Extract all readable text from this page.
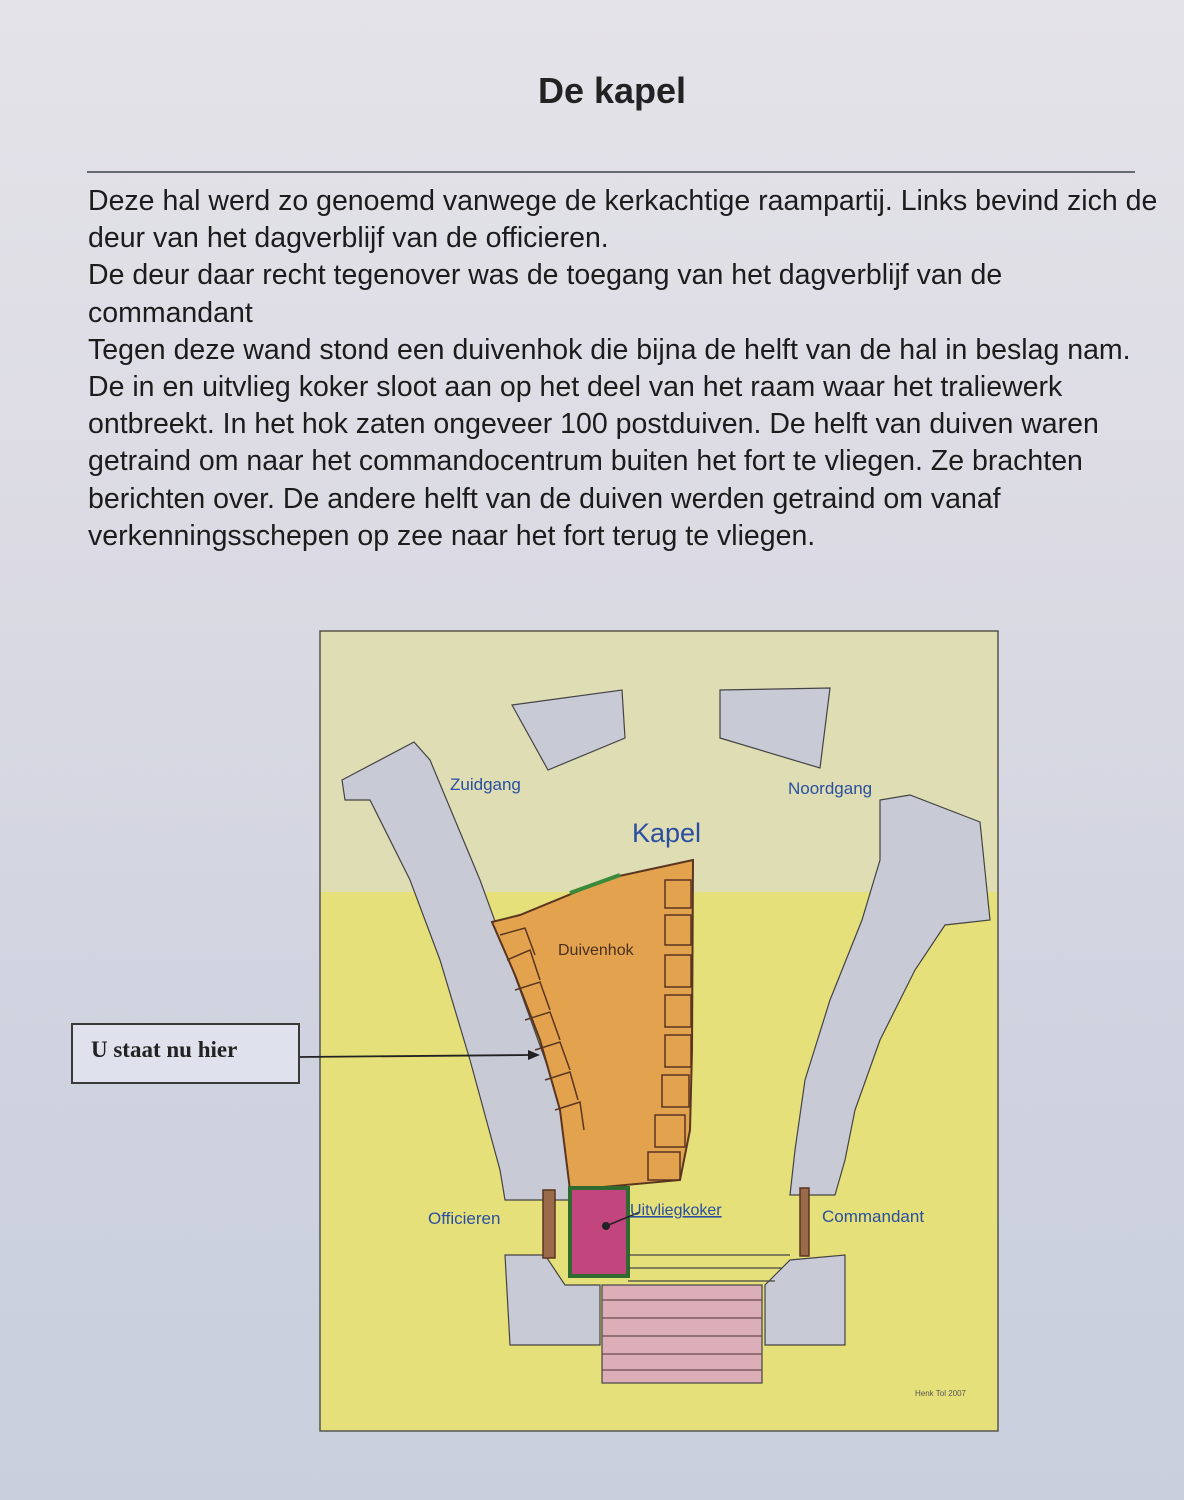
De kapel

Deze hal werd zo genoemd vanwege de kerkachtige raampartij. Links bevind zich de deur van het dagverblijf van de officieren.

De deur daar recht tegenover was de toegang van het dagverblijf van de commandant

Tegen deze wand stond een duivenhok die bijna de helft van de hal in beslag nam. De in en uitvlieg koker sloot aan op het deel van het raam waar het traliewerk ontbreekt. In het hok zaten ongeveer 100 postduiven. De helft van duiven waren getraind om naar het commandocentrum buiten het fort te vliegen. Ze brachten berichten over. De andere helft van de duiven werden getraind om vanaf verkenningsschepen op zee naar het fort terug te vliegen.

Zuidgang	Noordgang
Kapel
Duivenhok
Officieren	Uitvliegkoker	Commandant
Henk Tol 2007
U staat nu hier
